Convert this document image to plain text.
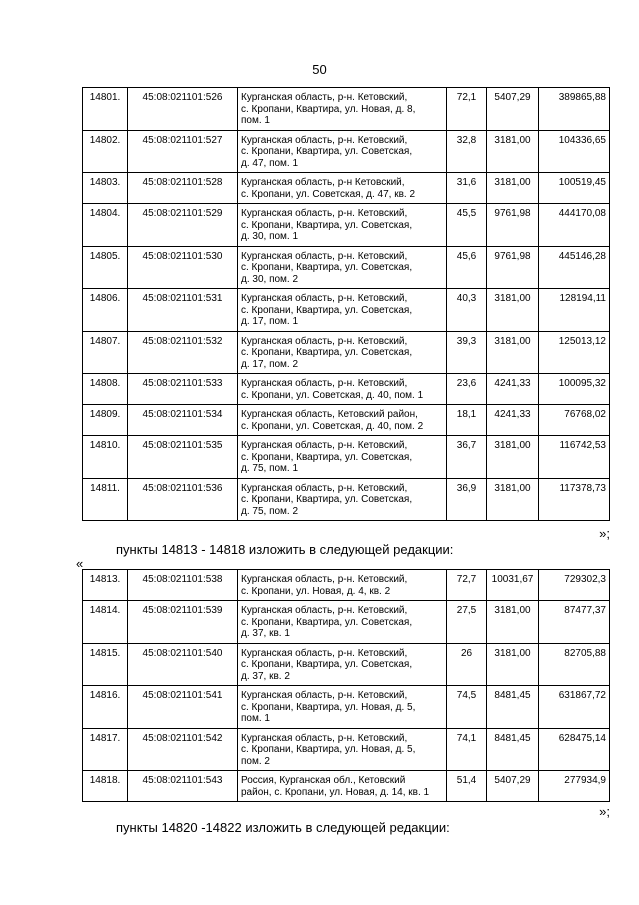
50
14801.	45:08:021101:526	Курганская область, р-н. Кетовский,
с. Кропани, Квартира, ул. Новая, д. 8,
пом. 1	72,1	5407,29	389865,88
14802.	45:08:021101:527	Курганская область, р-н. Кетовский,
с. Кропани, Квартира, ул. Советская,
д. 47, пом. 1	32,8	3181,00	104336,65
14803.	45:08:021101:528	Курганская область, р-н Кетовский,
с. Кропани, ул. Советская, д. 47, кв. 2	31,6	3181,00	100519,45
14804.	45:08:021101:529	Курганская область, р-н. Кетовский,
с. Кропани, Квартира, ул. Советская,
д. 30, пом. 1	45,5	9761,98	444170,08
14805.	45:08:021101:530	Курганская область, р-н. Кетовский,
с. Кропани, Квартира, ул. Советская,
д. 30, пом. 2	45,6	9761,98	445146,28
14806.	45:08:021101:531	Курганская область, р-н. Кетовский,
с. Кропани, Квартира, ул. Советская,
д. 17, пом. 1	40,3	3181,00	128194,11
14807.	45:08:021101:532	Курганская область, р-н. Кетовский,
с. Кропани, Квартира, ул. Советская,
д. 17, пом. 2	39,3	3181,00	125013,12
14808.	45:08:021101:533	Курганская область, р-н. Кетовский,
с. Кропани, ул. Советская, д. 40, пом. 1	23,6	4241,33	100095,32
14809.	45:08:021101:534	Курганская область, Кетовский район,
с. Кропани, ул. Советская, д. 40, пом. 2	18,1	4241,33	76768,02
14810.	45:08:021101:535	Курганская область, р-н. Кетовский,
с. Кропани, Квартира, ул. Советская,
д. 75, пом. 1	36,7	3181,00	116742,53
14811.	45:08:021101:536	Курганская область, р-н. Кетовский,
с. Кропани, Квартира, ул. Советская,
д. 75, пом. 2	36,9	3181,00	117378,73
»;
пункты 14813 - 14818 изложить в следующей редакции:
«
14813.	45:08:021101:538	Курганская область, р-н. Кетовский,
с. Кропани, ул. Новая, д. 4, кв. 2	72,7	10031,67	729302,3
14814.	45:08:021101:539	Курганская область, р-н. Кетовский,
с. Кропани, Квартира, ул. Советская,
д. 37, кв. 1	27,5	3181,00	87477,37
14815.	45:08:021101:540	Курганская область, р-н. Кетовский,
с. Кропани, Квартира, ул. Советская,
д. 37, кв. 2	26	3181,00	82705,88
14816.	45:08:021101:541	Курганская область, р-н. Кетовский,
с. Кропани, Квартира, ул. Новая, д. 5,
пом. 1	74,5	8481,45	631867,72
14817.	45:08:021101:542	Курганская область, р-н. Кетовский,
с. Кропани, Квартира, ул. Новая, д. 5,
пом. 2	74,1	8481,45	628475,14
14818.	45:08:021101:543	Россия, Курганская обл., Кетовский
район, с. Кропани, ул. Новая, д. 14, кв. 1	51,4	5407,29	277934,9
»;
пункты 14820 -14822 изложить в следующей редакции:
